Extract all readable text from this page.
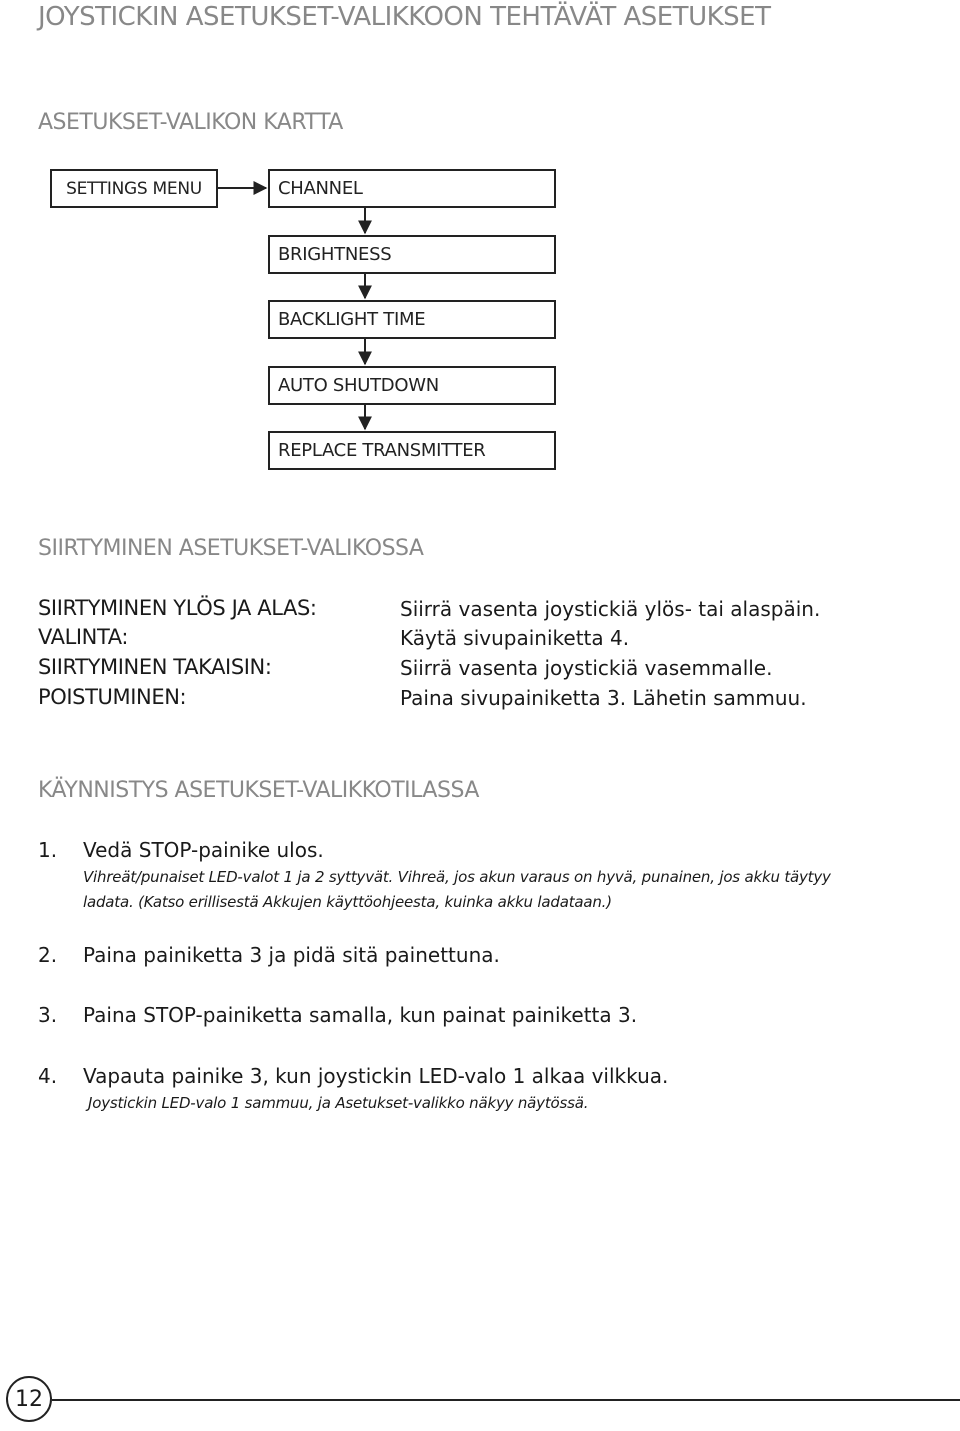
JOYSTICKIN ASETUKSET-VALIKKOON TEHTÄVÄT ASETUKSET
ASETUKSET-VALIKON KARTTA
SETTINGS MENU	CHANNEL
BRIGHTNESS
BACKLIGHT TIME
AUTO SHUTDOWN
REPLACE TRANSMITTER
SIIRTYMINEN ASETUKSET-VALIKOSSA
SIIRTYMINEN YLÖS JA ALAS:	Siirrä vasenta joystickiä ylös- tai alaspäin.
VALINTA:	Käytä sivupainiketta 4.
SIIRTYMINEN TAKAISIN:	Siirrä vasenta joystickiä vasemmalle.
POISTUMINEN:	Paina sivupainiketta 3. Lähetin sammuu.
KÄYNNISTYS ASETUKSET-VALIKKOTILASSA
1. Vedä STOP-painike ulos.
Vihreät/punaiset LED-valot 1 ja 2 syttyvät. Vihreä, jos akun varaus on hyvä, punainen, jos akku täytyy
ladata. (Katso erillisestä Akkujen käyttöohjeesta, kuinka akku ladataan.)
2. Paina painiketta 3 ja pidä sitä painettuna.
3. Paina STOP-painiketta samalla, kun painat painiketta 3.
4. Vapauta painike 3, kun joystickin LED-valo 1 alkaa vilkkua.
Joystickin LED-valo 1 sammuu, ja Asetukset-valikko näkyy näytössä.
12
